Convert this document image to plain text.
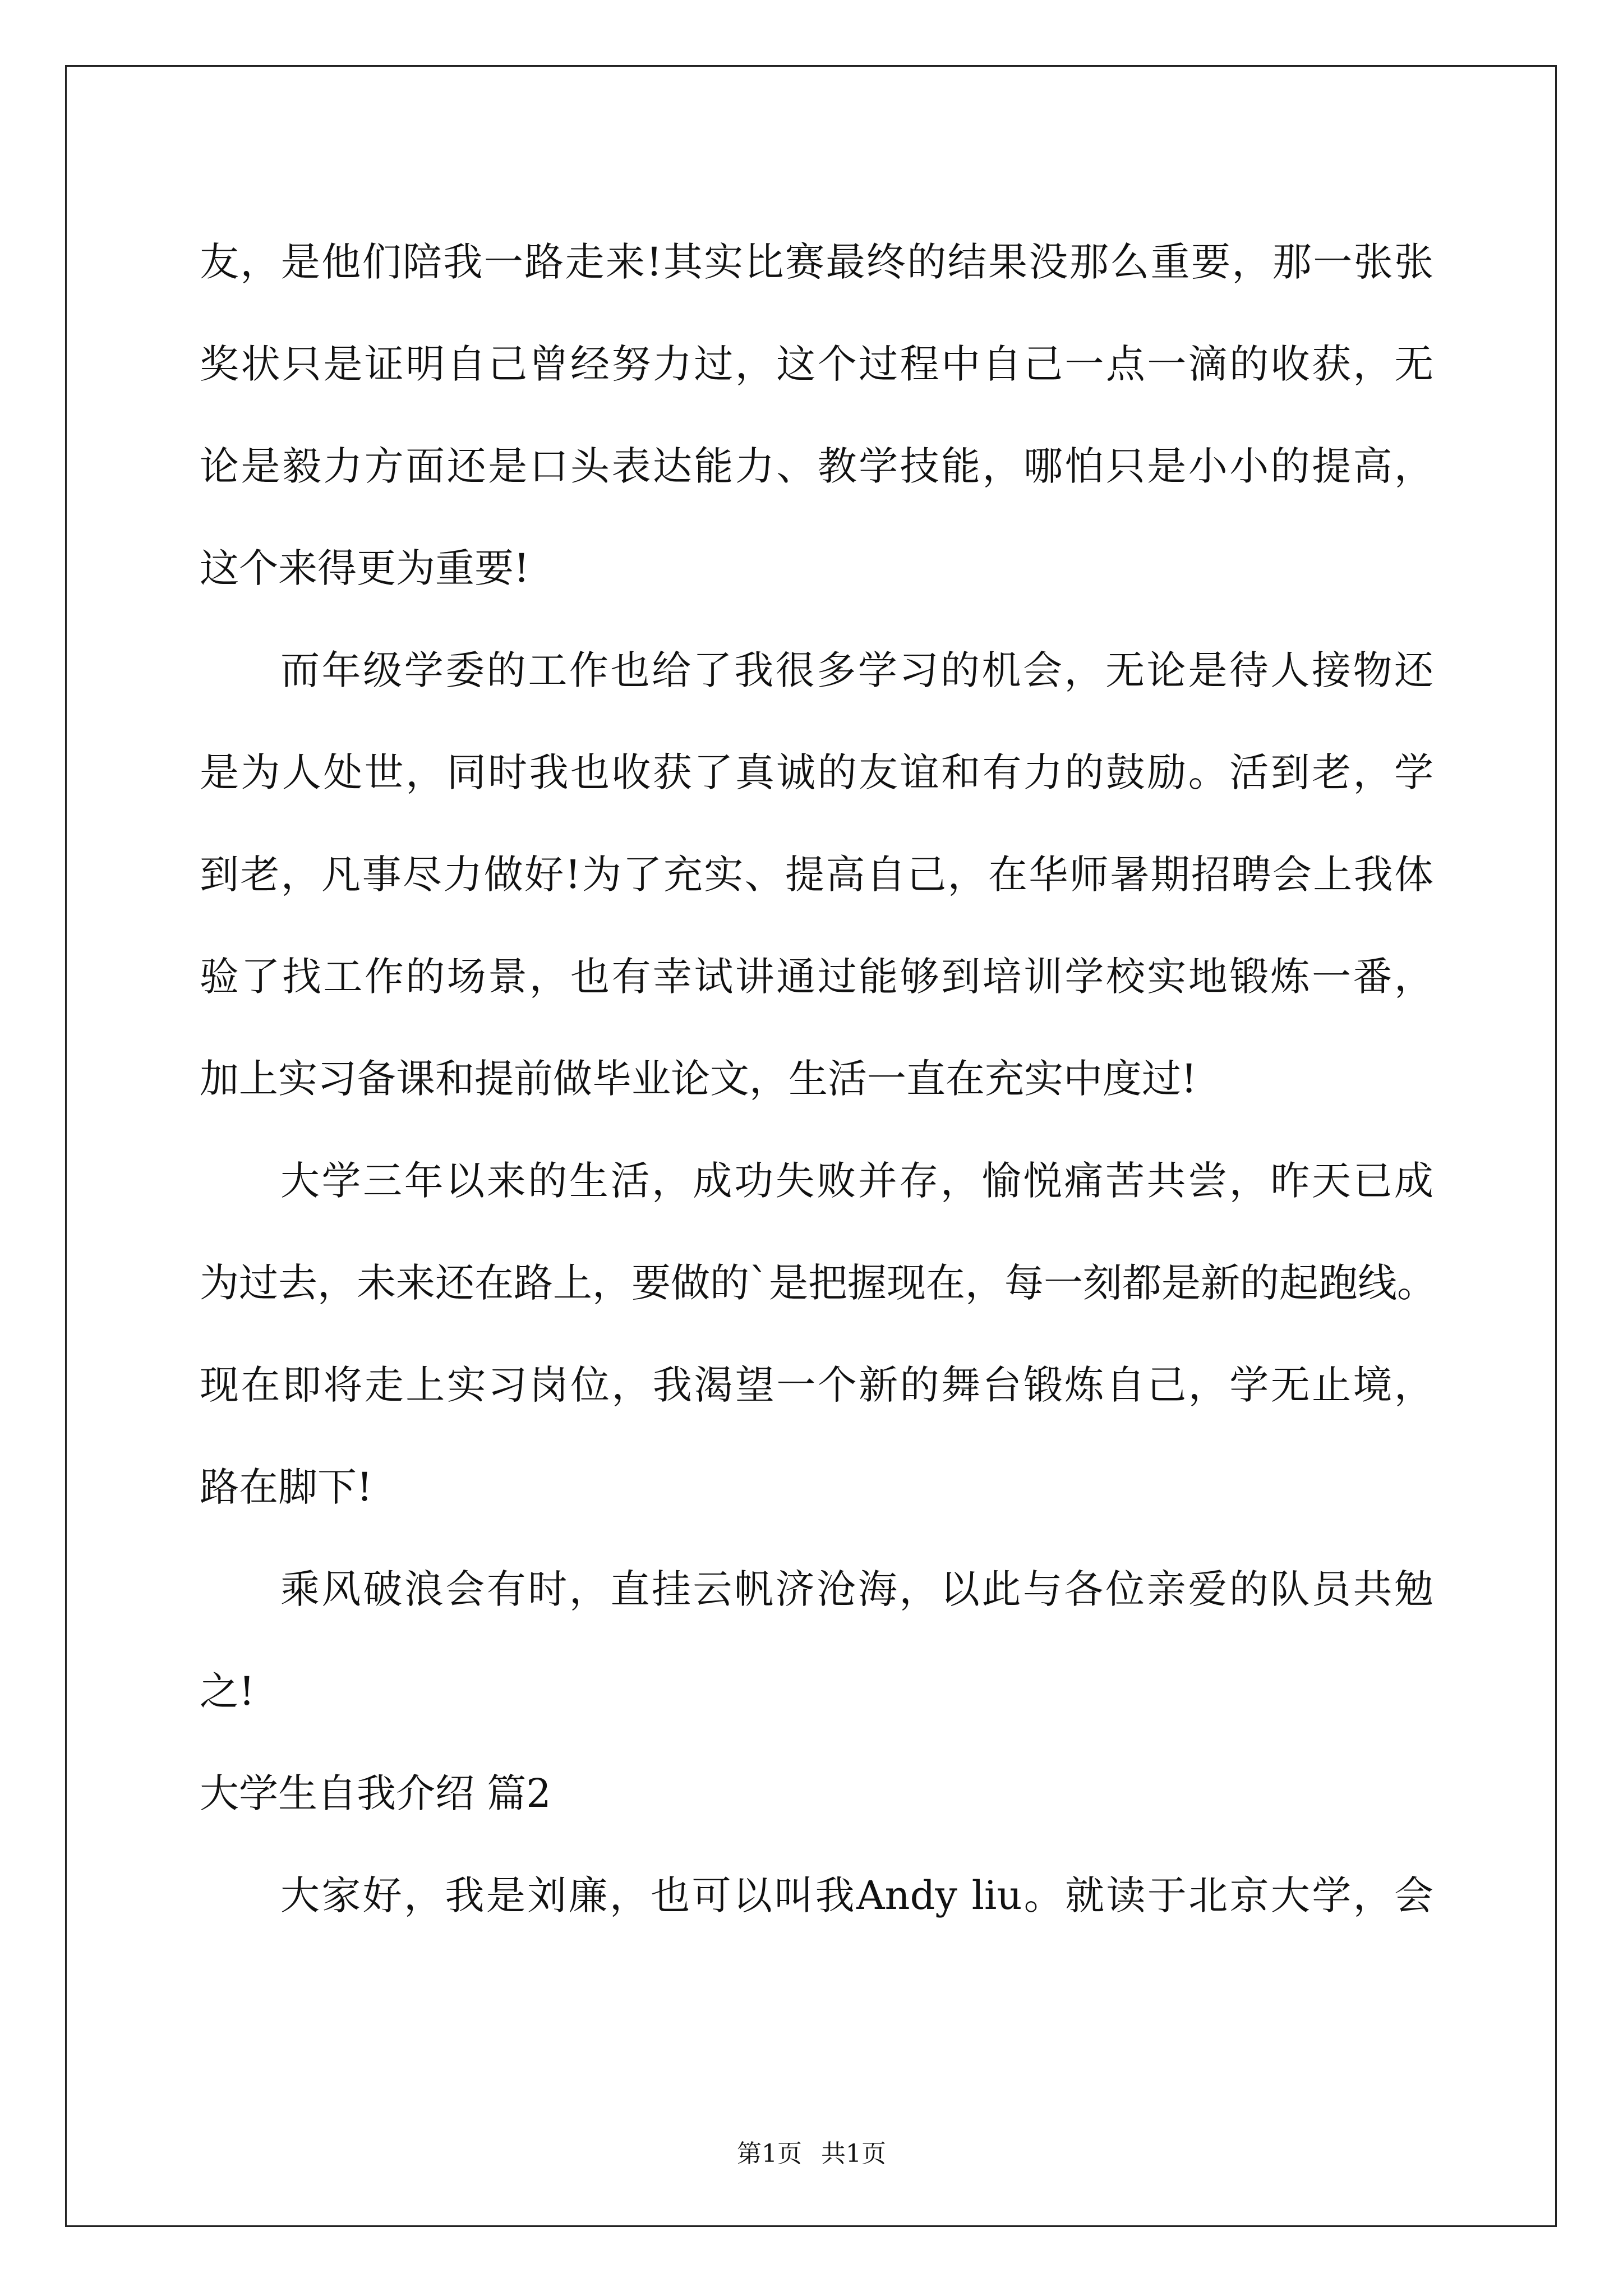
友，是他们陪我一路走来!其实比赛最终的结果没那么重要，那一张张
奖状只是证明自己曾经努力过，这个过程中自己一点一滴的收获，无
论是毅力方面还是口头表达能力、教学技能，哪怕只是小小的提高，
这个来得更为重要!
而年级学委的工作也给了我很多学习的机会，无论是待人接物还
是为人处世，同时我也收获了真诚的友谊和有力的鼓励。活到老，学
到老，凡事尽力做好!为了充实、提高自己，在华师暑期招聘会上我体
验了找工作的场景，也有幸试讲通过能够到培训学校实地锻炼一番，
加上实习备课和提前做毕业论文，生活一直在充实中度过!
大学三年以来的生活，成功失败并存，愉悦痛苦共尝，昨天已成
为过去，未来还在路上，要做的`是把握现在，每一刻都是新的起跑线。
现在即将走上实习岗位，我渴望一个新的舞台锻炼自己，学无止境，
路在脚下!
乘风破浪会有时，直挂云帆济沧海，以此与各位亲爱的队员共勉
之!
大学生自我介绍 篇2
大家好，我是刘廉，也可以叫我Andy liu。就读于北京大学，会
第1页 共1页
